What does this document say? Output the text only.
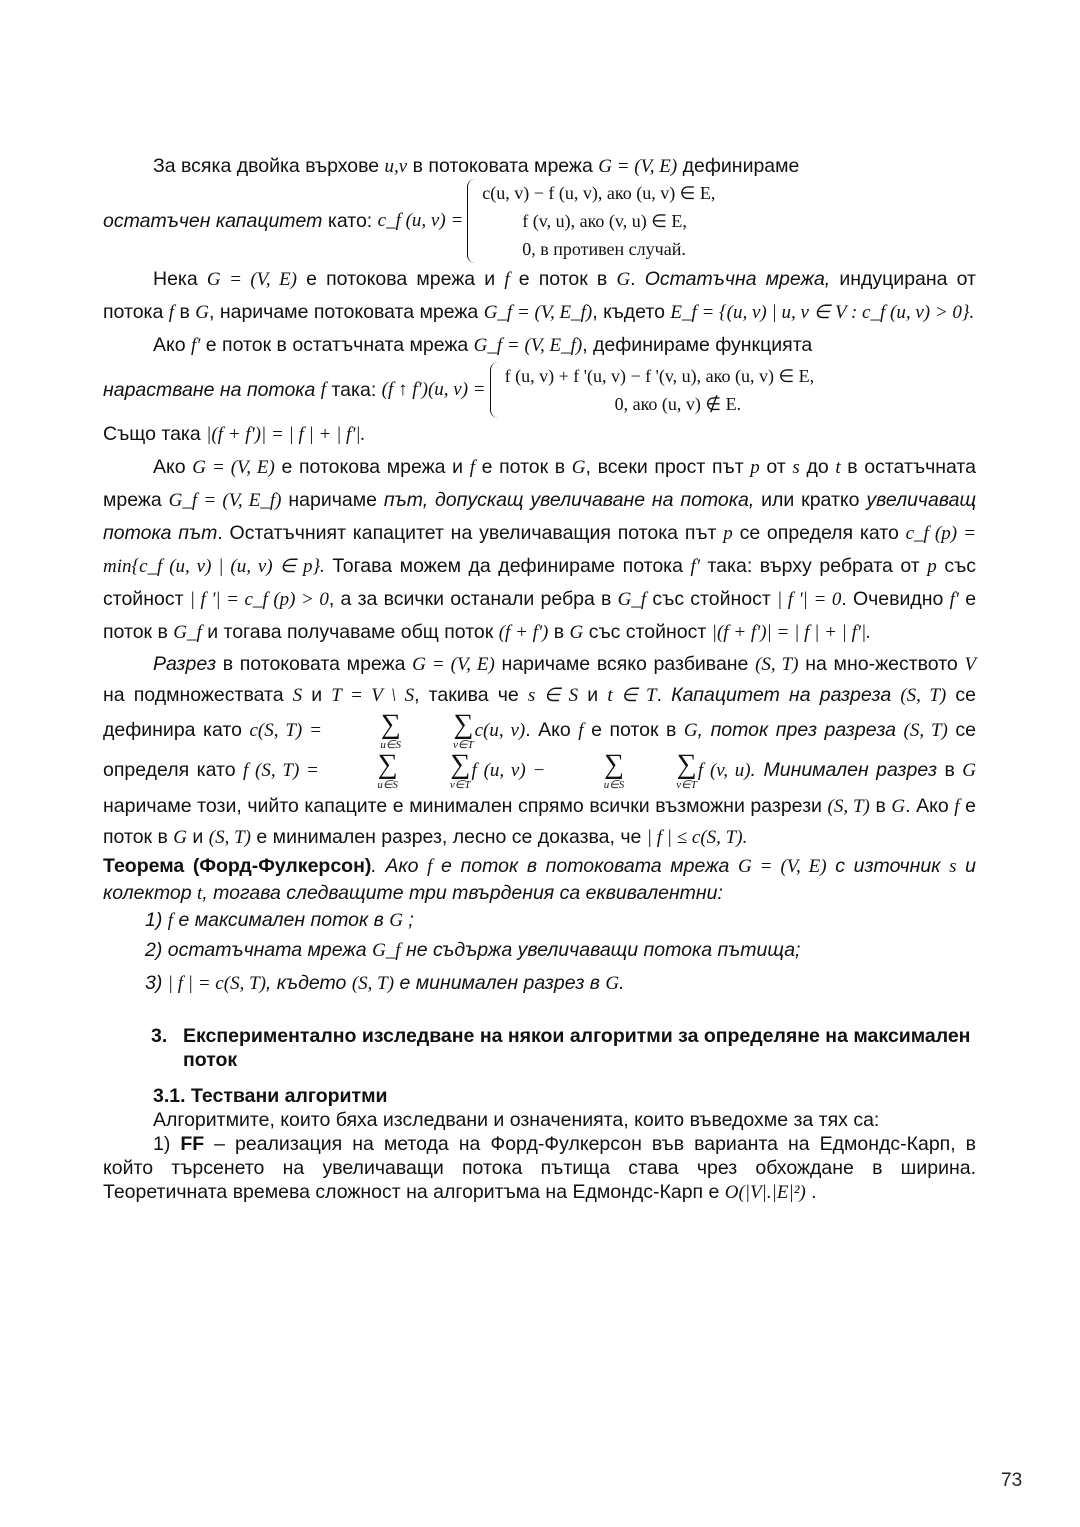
За всяка двойка върхове u,v в потоковата мрежа G = (V, E) дефинираме

остатъчен капацитет
като:
c_f (u, v) =
c(u, v) − f (u, v), ако (u, v) ∈ E,
f (v, u), ако (v, u) ∈ E,
0, в противен случай.

Нека G = (V, E) е потокова мрежа и f е поток в G. Остатъчна мрежа, индуцирана от потока f в G, наричаме потоковата мрежа G_f = (V, E_f), където E_f = {(u, v) | u, v ∈ V : c_f (u, v) > 0}.

Ако f' е поток в остатъчната мрежа G_f = (V, E_f), дефинираме функцията

нарастване на потока
f
така:
(f ↑ f')(u, v) =
f (u, v) + f '(u, v) − f '(v, u), ако (u, v) ∈ E,
0, ако (u, v) ∉ E.

Също така |(f + f')| = | f | + | f'|.

Ако G = (V, E) е потокова мрежа и f е поток в G, всеки прост път p от s до t в остатъчната мрежа G_f = (V, E_f) наричаме път, допускащ увеличаване на потока, или кратко увеличаващ потока път. Остатъчният капацитет на увеличаващия потока път p се определя като c_f (p) = min{c_f (u, v) | (u, v) ∈ p}. Тогава можем да дефинираме потока f' така: върху ребрата от p със стойност | f '| = c_f (p) > 0, а за всички останали ребра в G_f със стойност | f '| = 0. Очевидно f' е поток в G_f и тогава получаваме общ поток (f + f') в G със стойност |(f + f')| = | f | + | f'|.

Разрез в потоковата мрежа G = (V, E) наричаме всяко разбиване (S, T) на мно-жеството V на подмножествата S и T = V \ S, такива че s ∈ S и t ∈ T. Капацитет на разреза (S, T) се дефинира като c(S, T) =	∑
u∈S
∑
v∈T
c(u, v). Ако f е поток в G, поток през разреза (S, T) се определя като f (S, T) =	∑
u∈S
∑
v∈T
f (u, v) −	∑
u∈S
∑
v∈T
f (v, u). Минимален разрез в G наричаме този, чийто капаците е минимален спрямо всички възможни разрези (S, T) в G. Ако f е поток в G и (S, T) е минимален разрез, лесно се доказва, че | f | ≤ c(S, T).

Теорема (Форд-Фулкерсон). Ако f е поток в потоковата мрежа G = (V, E) с източник s и колектор t, тогава следващите три твърдения са еквивалентни:

1) f е максимален поток в G ;

2) остатъчната мрежа G_f не съдържа увеличаващи потока пътища;

3) | f | = c(S, T), където (S, T) е минимален разрез в G.

3. Експериментално изследване на някои алгоритми за определяне на максимален поток
3.1. Тествани алгоритми

Алгоритмите, които бяха изследвани и означенията, които въведохме за тях са:

1) FF – реализация на метода на Форд-Фулкерсон във варианта на Едмондс-Карп, в който търсенето на увеличаващи потока пътища става чрез обхождане в ширина. Теоретичната времева сложност на алгоритъма на Едмондс-Карп е O(|V|.|E|²) .

73
